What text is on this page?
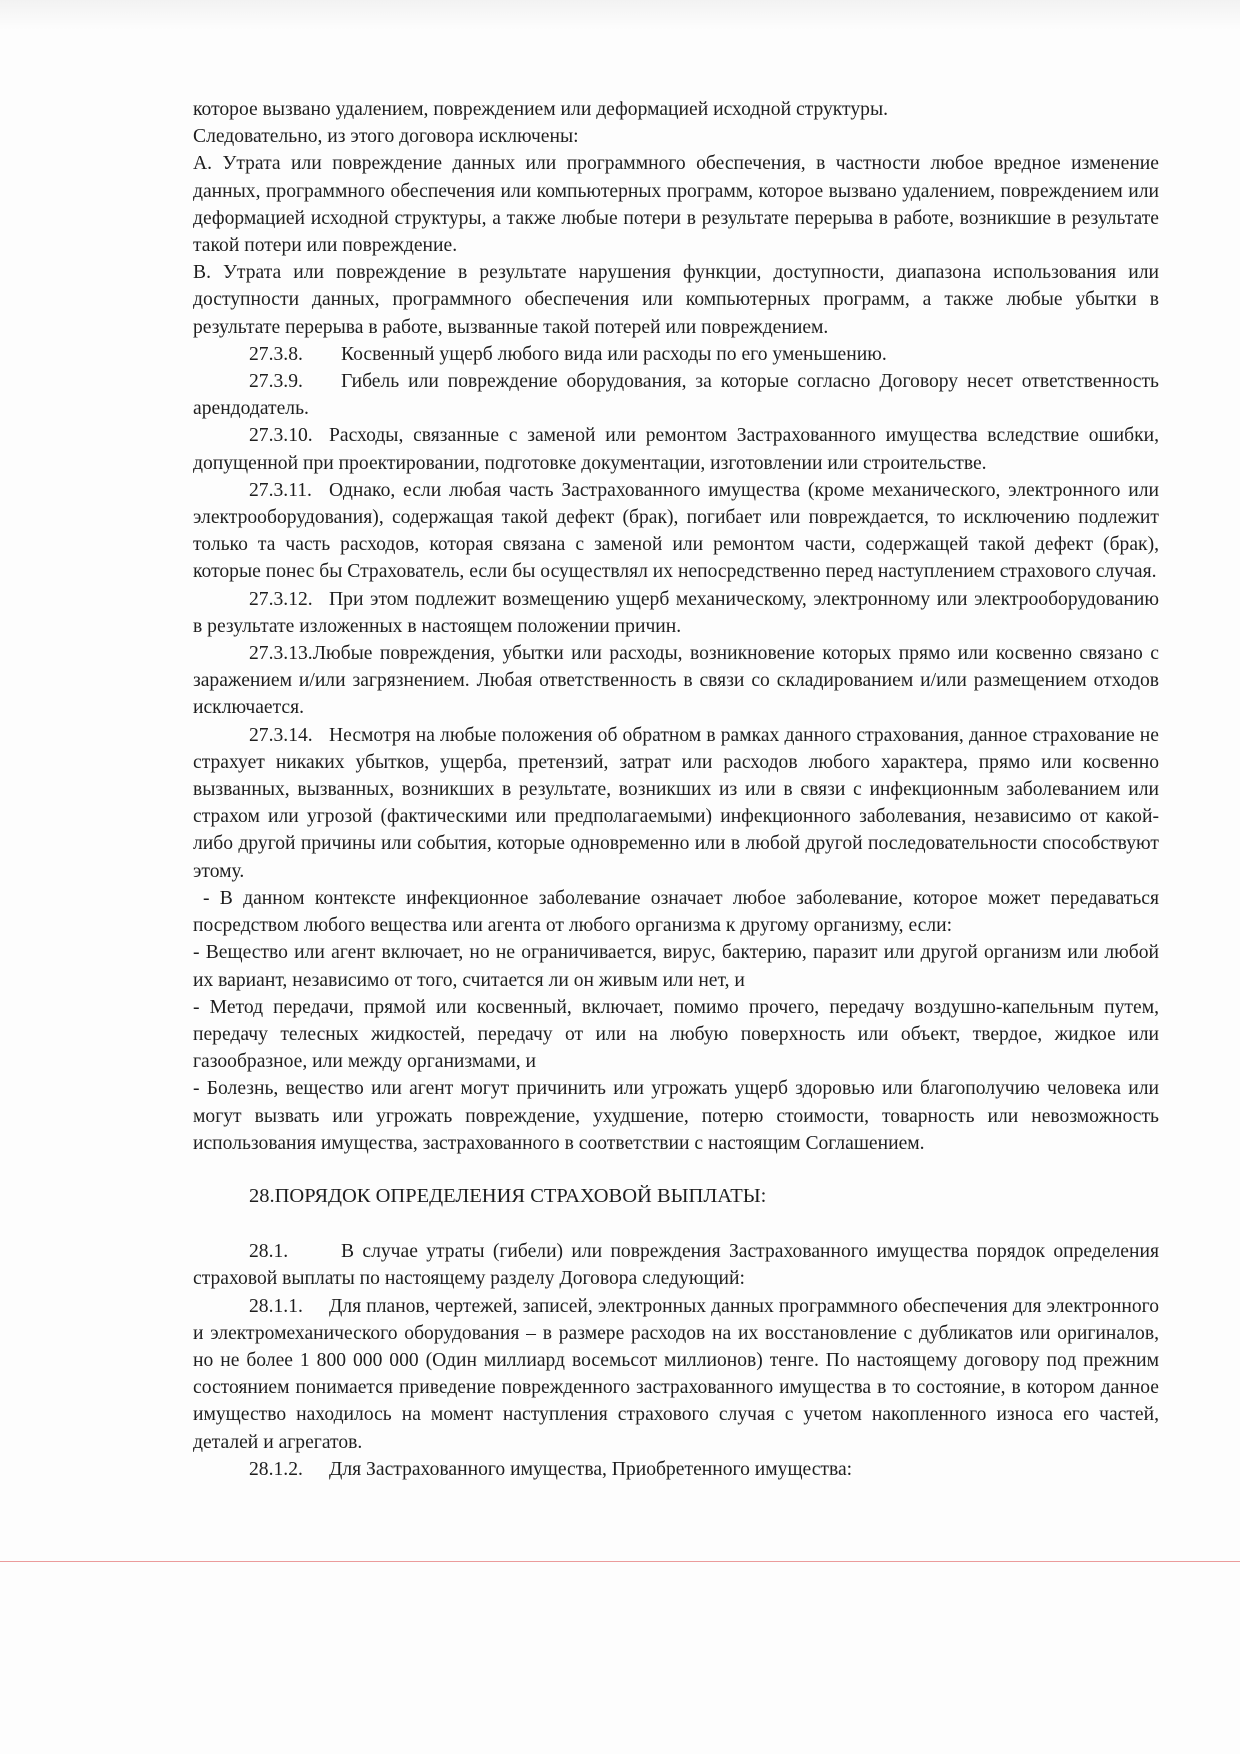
которое вызвано удалением, повреждением или деформацией исходной структуры.

Следовательно, из этого договора исключены:

А. Утрата или повреждение данных или программного обеспечения, в частности любое вредное изменение данных, программного обеспечения или компьютерных программ, которое вызвано удалением, повреждением или деформацией исходной структуры, а также любые потери в результате перерыва в работе, возникшие в результате такой потери или повреждение.

В. Утрата или повреждение в результате нарушения функции, доступности, диапазона использования или доступности данных, программного обеспечения или компьютерных программ, а также любые убытки в результате перерыва в работе, вызванные такой потерей или повреждением.

27.3.8. Косвенный ущерб любого вида или расходы по его уменьшению.

27.3.9. Гибель или повреждение оборудования, за которые согласно Договору несет ответственность арендодатель.

27.3.10. Расходы, связанные с заменой или ремонтом Застрахованного имущества вследствие ошибки, допущенной при проектировании, подготовке документации, изготовлении или строительстве.

27.3.11. Однако, если любая часть Застрахованного имущества (кроме механического, электронного или электрооборудования), содержащая такой дефект (брак), погибает или повреждается, то исключению подлежит только та часть расходов, которая связана с заменой или ремонтом части, содержащей такой дефект (брак), которые понес бы Страхователь, если бы осуществлял их непосредственно перед наступлением страхового случая.

27.3.12. При этом подлежит возмещению ущерб механическому, электронному или электрооборудованию в результате изложенных в настоящем положении причин.

27.3.13.Любые повреждения, убытки или расходы, возникновение которых прямо или косвенно связано с заражением и/или загрязнением. Любая ответственность в связи со складированием и/или размещением отходов исключается.

27.3.14. Несмотря на любые положения об обратном в рамках данного страхования, данное страхование не страхует никаких убытков, ущерба, претензий, затрат или расходов любого характера, прямо или косвенно вызванных, вызванных, возникших в результате, возникших из или в связи с инфекционным заболеванием или страхом или угрозой (фактическими или предполагаемыми) инфекционного заболевания, независимо от какой-либо другой причины или события, которые одновременно или в любой другой последовательности способствуют этому.

- В данном контексте инфекционное заболевание означает любое заболевание, которое может передаваться посредством любого вещества или агента от любого организма к другому организму, если:

- Вещество или агент включает, но не ограничивается, вирус, бактерию, паразит или другой организм или любой их вариант, независимо от того, считается ли он живым или нет, и

- Метод передачи, прямой или косвенный, включает, помимо прочего, передачу воздушно-капельным путем, передачу телесных жидкостей, передачу от или на любую поверхность или объект, твердое, жидкое или газообразное, или между организмами, и

- Болезнь, вещество или агент могут причинить или угрожать ущерб здоровью или благополучию человека или могут вызвать или угрожать повреждение, ухудшение, потерю стоимости, товарность или невозможность использования имущества, застрахованного в соответствии с настоящим Соглашением.

28.ПОРЯДОК ОПРЕДЕЛЕНИЯ СТРАХОВОЙ ВЫПЛАТЫ:

28.1.	В случае утраты (гибели) или повреждения Застрахованного имущества порядок определения страховой выплаты по настоящему разделу Договора следующий:

28.1.1. Для планов, чертежей, записей, электронных данных программного обеспечения для электронного и электромеханического оборудования – в размере расходов на их восстановление с дубликатов или оригиналов, но не более 1 800 000 000 (Один миллиард восемьсот миллионов) тенге. По настоящему договору под прежним состоянием понимается приведение поврежденного застрахованного имущества в то состояние, в котором данное имущество находилось на момент наступления страхового случая с учетом накопленного износа его частей, деталей и агрегатов.

28.1.2. Для Застрахованного имущества, Приобретенного имущества:
